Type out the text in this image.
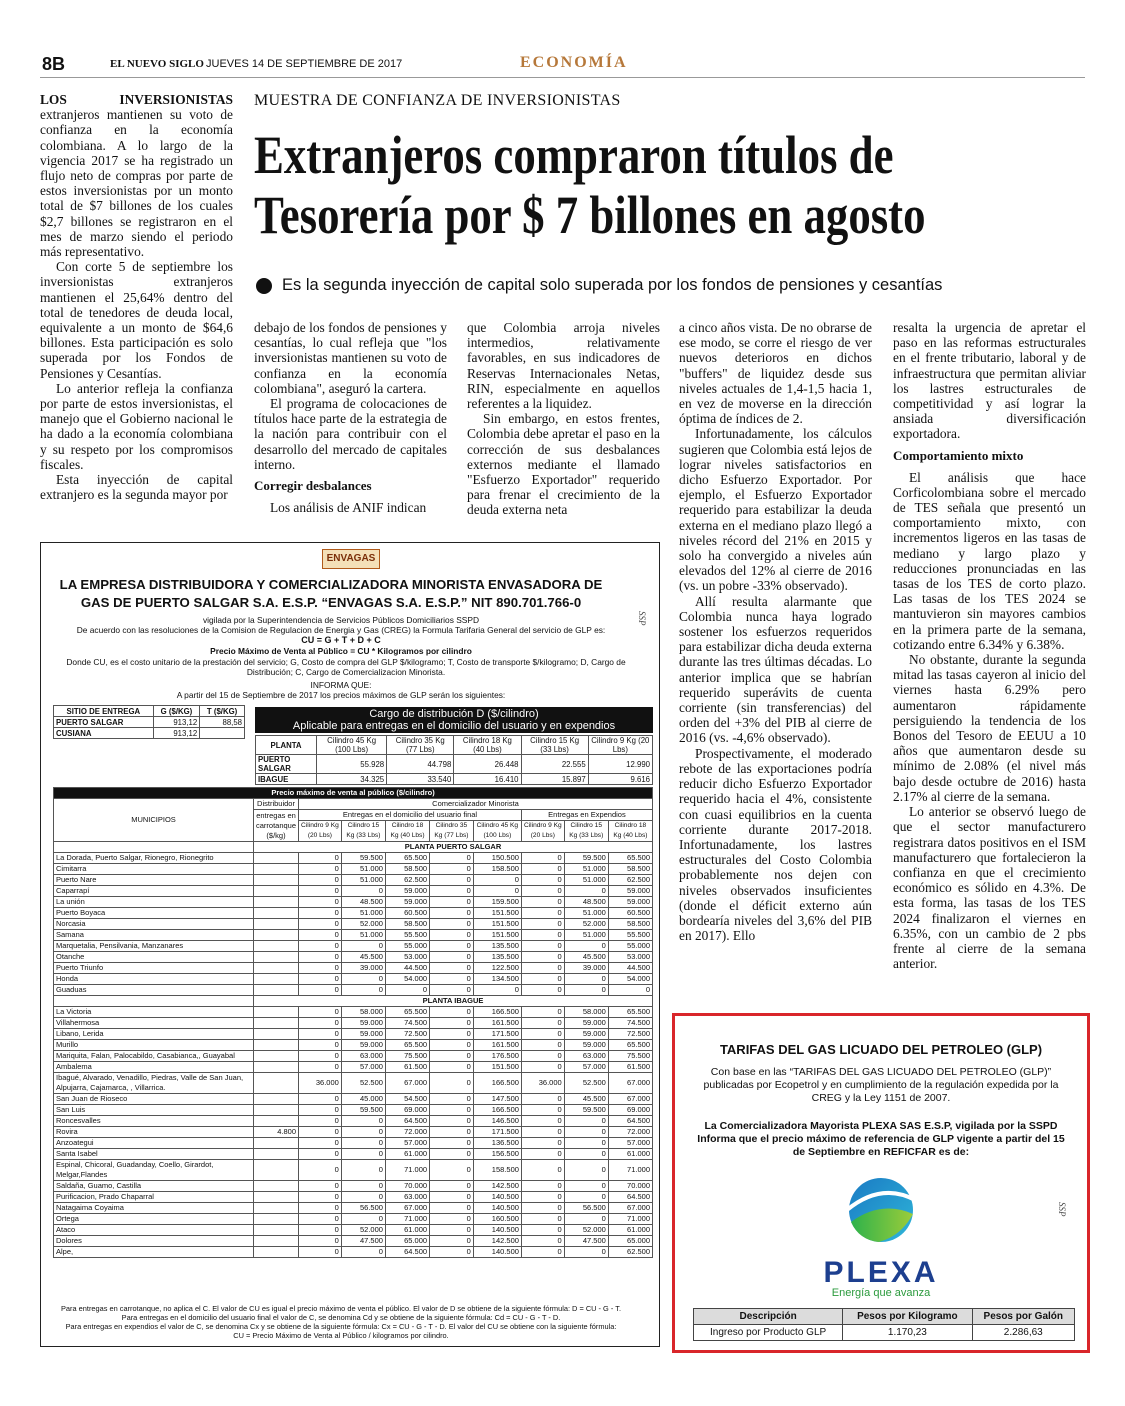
8B	EL NUEVO SIGLO JUEVES 14 DE SEPTIEMBRE DE 2017	ECONOMÍA
MUESTRA DE CONFIANZA DE INVERSIONISTAS
Extranjeros compraron títulos de
Tesorería por $ 7 billones en agosto
Es la segunda inyección de capital solo superada por los fondos de pensiones y cesantías

LOS INVERSIONISTAS extranjeros mantienen su voto de confianza en la economía colombiana. A lo largo de la vigencia 2017 se ha registrado un flujo neto de compras por parte de estos inversionistas por un monto total de $7 billones de los cuales $2,7 billones se registraron en el mes de marzo siendo el periodo más representativo.

Con corte 5 de septiembre los inversionistas extranjeros mantienen el 25,64% dentro del total de tenedores de deuda local, equivalente a un monto de $64,6 billones. Esta participación es solo superada por los Fondos de Pensiones y Cesantías.

Lo anterior refleja la confianza por parte de estos inversionistas, el manejo que el Gobierno nacional le ha dado a la economía colombiana y su respeto por los compromisos fiscales.

Esta inyección de capital extranjero es la segunda mayor por

debajo de los fondos de pensiones y cesantías, lo cual refleja que "los inversionistas mantienen su voto de confianza en la economía colombiana", aseguró la cartera.

El programa de colocaciones de títulos hace parte de la estrategia de la nación para contribuir con el desarrollo del mercado de capitales interno.

Corregir desbalances

Los análisis de ANIF indican

que Colombia arroja niveles intermedios, relativamente favorables, en sus indicadores de Reservas Internacionales Netas, RIN, especialmente en aquellos referentes a la liquidez.

Sin embargo, en estos frentes, Colombia debe apretar el paso en la corrección de sus desbalances externos mediante el llamado "Esfuerzo Exportador" requerido para frenar el crecimiento de la deuda externa neta

a cinco años vista. De no obrarse de ese modo, se corre el riesgo de ver nuevos deterioros en dichos "buffers" de liquidez desde sus niveles actuales de 1,4-1,5 hacia 1, en vez de moverse en la dirección óptima de índices de 2.

Infortunadamente, los cálculos sugieren que Colombia está lejos de lograr niveles satisfactorios en dicho Esfuerzo Exportador. Por ejemplo, el Esfuerzo Exportador requerido para estabilizar la deuda externa en el mediano plazo llegó a niveles récord del 21% en 2015 y solo ha convergido a niveles aún elevados del 12% al cierre de 2016 (vs. un pobre -33% observado).

Allí resulta alarmante que Colombia nunca haya logrado sostener los esfuerzos requeridos para estabilizar dicha deuda externa durante las tres últimas décadas. Lo anterior implica que se habrían requerido superávits de cuenta corriente (sin transferencias) del orden del +3% del PIB al cierre de 2016 (vs. -4,6% observado).

Prospectivamente, el moderado rebote de las exportaciones podría reducir dicho Esfuerzo Exportador requerido hacia el 4%, consistente con cuasi equilibrios en la cuenta corriente durante 2017-2018. Infortunadamente, los lastres estructurales del Costo Colombia probablemente nos dejen con niveles observados insuficientes (donde el déficit externo aún bordearía niveles del 3,6% del PIB en 2017). Ello

resalta la urgencia de apretar el paso en las reformas estructurales en el frente tributario, laboral y de infraestructura que permitan aliviar los lastres estructurales de competitividad y así lograr la ansiada diversificación exportadora.

Comportamiento mixto

El análisis que hace Corficolombiana sobre el mercado de TES señala que presentó un comportamiento mixto, con incrementos ligeros en las tasas de mediano y largo plazo y reducciones pronunciadas en las tasas de los TES de corto plazo. Las tasas de los TES 2024 se mantuvieron sin mayores cambios en la primera parte de la semana, cotizando entre 6.34% y 6.38%.

No obstante, durante la segunda mitad las tasas cayeron al inicio del viernes hasta 6.29% pero aumentaron rápidamente persiguiendo la tendencia de los Bonos del Tesoro de EEUU a 10 años que aumentaron desde su mínimo de 2.08% (el nivel más bajo desde octubre de 2016) hasta 2.17% al cierre de la semana.

Lo anterior se observó luego de que el sector manufacturero registrara datos positivos en el ISM manufacturero que fortalecieron la confianza en que el crecimiento económico es sólido en 4.3%. De esta forma, las tasas de los TES 2024 finalizaron el viernes en 6.35%, con un cambio de 2 pbs frente al cierre de la semana anterior.

ENVAGAS
LA EMPRESA DISTRIBUIDORA Y COMERCIALIZADORA MINORISTA ENVASADORA DE
GAS DE PUERTO SALGAR S.A. E.S.P. “ENVAGAS S.A. E.S.P.” NIT 890.701.766-0
vigilada por la Superintendencia de Servicios Públicos Domiciliarios SSPD
De acuerdo con las resoluciones de la Comision de Regulacion de Energia y Gas (CREG) la Formula Tarifaria General del servicio de GLP es:
CU = G + T + D + C
Precio Máximo de Venta al Público = CU * Kilogramos por cilindro
Donde CU, es el costo unitario de la prestación del servicio; G, Costo de compra del GLP $/kilogramo; T, Costo de transporte $/kilogramo; D, Cargo de Distribución; C, Cargo de Comercializacion Minorista.
INFORMA QUE:
A partir del 15 de Septiembre de 2017 los precios máximos de GLP serán los siguientes:
SSP
SITIO DE ENTREGA	G ($/KG)	T ($/KG)
PUERTO SALGAR	913,12	88,58
CUSIANA	913,12	
Cargo de distribución D ($/cilindro)
Aplicable para entregas en el domicilio del usuario y en expendios
PLANTA	Cilindro 45 Kg (100 Lbs)	Cilindro 35 Kg (77 Lbs)	Cilindro 18 Kg (40 Lbs)	Cilindro 15 Kg (33 Lbs)	Cilindro 9 Kg (20 Lbs)
PUERTO SALGAR	55.928	44.798	26.448	22.555	12.990
IBAGUE	34.325	33.540	16.410	15.897	9.616
Precio máximo de venta al público ($/cilindro)									
MUNICIPIOS	Distribuidor	Comercializador Minorista							
	entregas en carrotanque ($/kg)	Entregas en el domicilio del usuario final					Entregas en Expendios		
		Cilindro 9 Kg (20 Lbs)	Cilindro 15 Kg (33 Lbs)	Cilindro 18 Kg (40 Lbs)	Cilindro 35 Kg (77 Lbs)	Cilindro 45 Kg (100 Lbs)	Cilindro 9 Kg (20 Lbs)	Cilindro 15 Kg (33 Lbs)	Cilindro 18 Kg (40 Lbs)
	PLANTA PUERTO SALGAR								
La Dorada, Puerto Salgar, Rionegro, Rionegrito		0	59.500	65.500	0	150.500	0	59.500	65.500
Cimitarra		0	51.000	58.500	0	158.500	0	51.000	58.500
Puerto Nare		0	51.000	62.500	0	0	0	51.000	62.500
Caparrapí		0	0	59.000	0	0	0	0	59.000
La unión		0	48.500	59.000	0	159.500	0	48.500	59.000
Puerto Boyaca		0	51.000	60.500	0	151.500	0	51.000	60.500
Norcasia		0	52.000	58.500	0	151.500	0	52.000	58.500
Samana		0	51.000	55.500	0	151.500	0	51.000	55.500
Marquetalia, Pensilvania, Manzanares		0	0	55.000	0	135.500	0	0	55.000
Otanche		0	45.500	53.000	0	135.500	0	45.500	53.000
Puerto Triunfo		0	39.000	44.500	0	122.500	0	39.000	44.500
Honda		0	0	54.000	0	134.500	0	0	54.000
Guaduas		0	0	0	0	0	0	0	0
	PLANTA IBAGUE								
La Victoria		0	58.000	65.500	0	166.500	0	58.000	65.500
Villahermosa		0	59.000	74.500	0	161.500	0	59.000	74.500
Libano, Lerida		0	59.000	72.500	0	171.500	0	59.000	72.500
Murillo		0	59.000	65.500	0	161.500	0	59.000	65.500
Mariquita, Falan, Palocabildo, Casabianca,, Guayabal		0	63.000	75.500	0	176.500	0	63.000	75.500
Ambalema		0	57.000	61.500	0	151.500	0	57.000	61.500
Ibagué, Alvarado, Venadillo, Piedras, Valle de San Juan, Alpujarra, Cajamarca, , Villarrica.		36.000	52.500	67.000	0	166.500	36.000	52.500	67.000
San Juan de Rioseco		0	45.000	54.500	0	147.500	0	45.500	67.000
San Luis		0	59.500	69.000	0	166.500	0	59.500	69.000
Roncesvalles		0	0	64.500	0	146.500	0	0	64.500
Rovira	4.800	0	0	72.000	0	171.500	0	0	72.000
Anzoategui		0	0	57.000	0	136.500	0	0	57.000
Santa Isabel		0	0	61.000	0	156.500	0	0	61.000
Espinal, Chicoral, Guadanday, Coello, Girardot, Melgar,Flandes		0	0	71.000	0	158.500	0	0	71.000
Saldaña, Guamo, Castilla		0	0	70.000	0	142.500	0	0	70.000
Purificacion, Prado Chaparral		0	0	63.000	0	140.500	0	0	64.500
Natagaima Coyaima		0	56.500	67.000	0	140.500	0	56.500	67.000
Ortega		0	0	71.000	0	160.500	0	0	71.000
Ataco		0	52.000	61.000	0	140.500	0	52.000	61.000
Dolores		0	47.500	65.000	0	142.500	0	47.500	65.000
Alpe,		0	0	64.500	0	140.500	0	0	62.500
Para entregas en carrotanque, no aplica el C. El valor de CU es igual el precio máximo de venta el público. El valor de D se obtiene de la siguiente fórmula: D = CU - G - T.
Para entregas en el domicilio del usuario final el valor de C, se denomina Cd y se obtiene de la siguiente fórmula: Cd = CU - G - T - D.
Para entregas en expendios el valor de C, se denomina Cx y se obtiene de la siguiente fórmula: Cx = CU - G - T - D. El valor del CU se obtiene con la siguiente fórmula:
CU = Precio Máximo de Venta al Público / kilogramos por cilindro.
TARIFAS DEL GAS LICUADO DEL PETROLEO (GLP)
Con base en las “TARIFAS DEL GAS LICUADO DEL PETROLEO (GLP)” publicadas por Ecopetrol y en cumplimiento de la regulación expedida por la CREG y la Ley 1151 de 2007.
La Comercializadora Mayorista PLEXA SAS E.S.P, vigilada por la SSPD Informa que el precio máximo de referencia de GLP vigente a partir del 15 de Septiembre en REFICFAR es de:
PLEXA
Energía que avanza
SSP
Descripción	Pesos por Kilogramo	Pesos por Galón
Ingreso por Producto GLP	1.170,23	2.286,63
